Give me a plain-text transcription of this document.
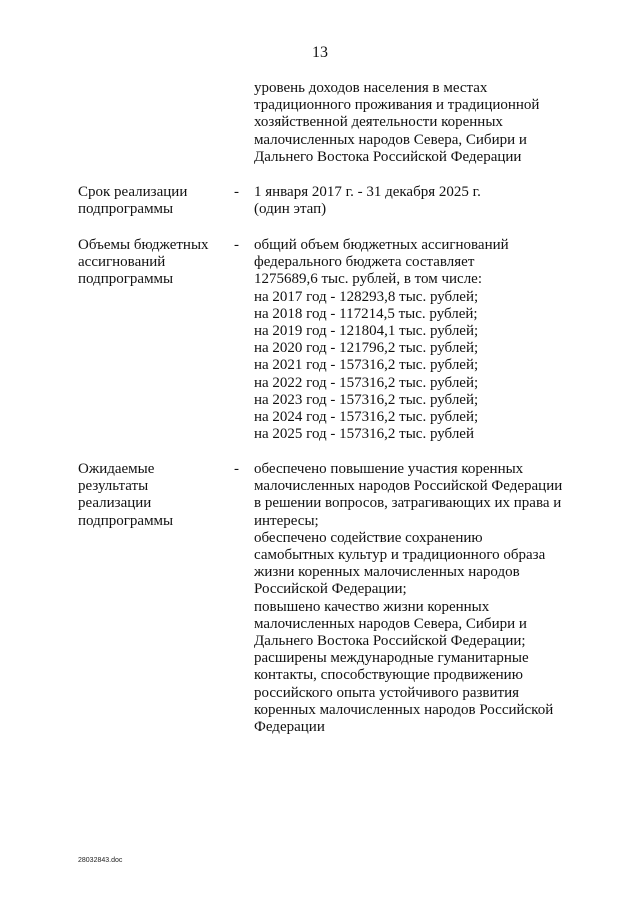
13
уровень доходов населения в местах
традиционного проживания и традиционной
хозяйственной деятельности коренных
малочисленных народов Севера, Сибири и
Дальнего Востока Российской Федерации
Срок реализации
подпрограммы
- 1 января 2017 г. - 31 декабря 2025 г.
(один этап)
Объемы бюджетных
ассигнований
подпрограммы
- общий объем бюджетных ассигнований
федерального бюджета составляет
1275689,6 тыс. рублей, в том числе:
на 2017 год - 128293,8 тыс. рублей;
на 2018 год - 117214,5 тыс. рублей;
на 2019 год - 121804,1 тыс. рублей;
на 2020 год - 121796,2 тыс. рублей;
на 2021 год - 157316,2 тыс. рублей;
на 2022 год - 157316,2 тыс. рублей;
на 2023 год - 157316,2 тыс. рублей;
на 2024 год - 157316,2 тыс. рублей;
на 2025 год - 157316,2 тыс. рублей
Ожидаемые
результаты
реализации
подпрограммы
- обеспечено повышение участия коренных
малочисленных народов Российской Федерации
в решении вопросов, затрагивающих их права и
интересы;
обеспечено содействие сохранению
самобытных культур и традиционного образа
жизни коренных малочисленных народов
Российской Федерации;
повышено качество жизни коренных
малочисленных народов Севера, Сибири и
Дальнего Востока Российской Федерации;
расширены международные гуманитарные
контакты, способствующие продвижению
российского опыта устойчивого развития
коренных малочисленных народов Российской
Федерации
28032843.doc
